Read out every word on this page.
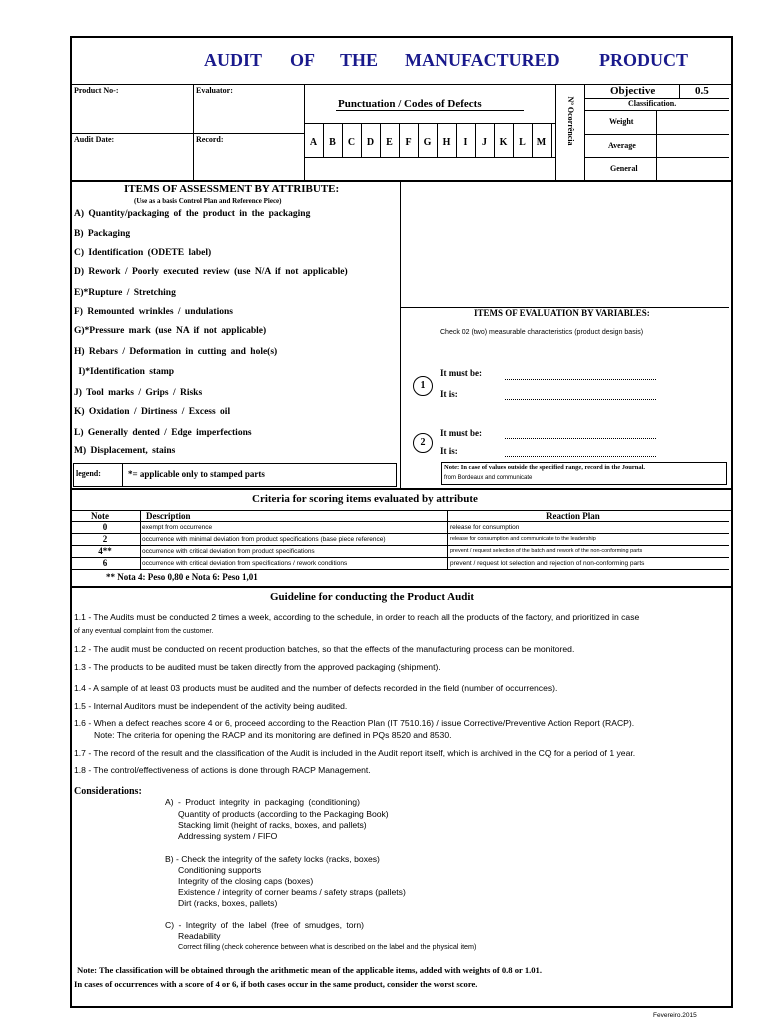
AUDIT OF THE MANUFACTURED PRODUCT
Product No-:	Evaluator:
Audit Date:	Record:
Punctuation / Codes of Defects
A	B	C	D	E	F	G	H	I	J	K	L	M	Nº Ocorrência
Objective	0.5
Classification.
Weight
Average
General
ITEMS OF ASSESSMENT BY ATTRIBUTE:
(Use as a basis Control Plan and Reference Piece)
A) Quantity/packaging of the product in the packaging
B) Packaging
C) Identification (ODETE label)
D) Rework / Poorly executed review (use N/A if not applicable)
E)*Rupture / Stretching
F) Remounted wrinkles / undulations
G)*Pressure mark (use NA if not applicable)
H) Rebars / Deformation in cutting and hole(s)
I)*Identification stamp
J) Tool marks / Grips / Risks
K) Oxidation / Dirtiness / Excess oil
L) Generally dented / Edge imperfections
M) Displacement, stains
legend:	*= applicable only to stamped parts
ITEMS OF EVALUATION BY VARIABLES:
Check 02 (two) measurable characteristics (product design basis)
1
It must be:
It is:
2
It must be:
It is:
Note: In case of values outside the specified range, record in the Journal.
from Bordeaux and communicate
Criteria for scoring items evaluated by attribute
Note	Description	Reaction Plan
0	exempt from occurrence	release for consumption
2	occurrence with minimal deviation from product specifications (base piece reference)	release for consumption and communicate to the leadership
4**	occurrence with critical deviation from product specifications	prevent / request selection of the batch and rework of the non-conforming parts
6	occurrence with critical deviation from specifications / rework conditions	prevent / request lot selection and rejection of non-conforming parts
** Nota 4: Peso 0,80 e Nota 6: Peso 1,01
Guideline for conducting the Product Audit
1.1 - The Audits must be conducted 2 times a week, according to the schedule, in order to reach all the products of the factory, and prioritized in case
of any eventual complaint from the customer.
1.2 - The audit must be conducted on recent production batches, so that the effects of the manufacturing process can be monitored.
1.3 - The products to be audited must be taken directly from the approved packaging (shipment).
1.4 - A sample of at least 03 products must be audited and the number of defects recorded in the field (number of occurrences).
1.5 - Internal Auditors must be independent of the activity being audited.
1.6 - When a defect reaches score 4 or 6, proceed according to the Reaction Plan (IT 7510.16) / issue Corrective/Preventive Action Report (RACP).
Note: The criteria for opening the RACP and its monitoring are defined in PQs 8520 and 8530.
1.7 - The record of the result and the classification of the Audit is included in the Audit report itself, which is archived in the CQ for a period of 1 year.
1.8 - The control/effectiveness of actions is done through RACP Management.
Considerations:
A) - Product integrity in packaging (conditioning)
Quantity of products (according to the Packaging Book)
Stacking limit (height of racks, boxes, and pallets)
Addressing system / FIFO
B) - Check the integrity of the safety locks (racks, boxes)
Conditioning supports
Integrity of the closing caps (boxes)
Existence / integrity of corner beams / safety straps (pallets)
Dirt (racks, boxes, pallets)
C) - Integrity of the label (free of smudges, torn)
Readability
Correct filling (check coherence between what is described on the label and the physical item)
Note: The classification will be obtained through the arithmetic mean of the applicable items, added with weights of 0.8 or 1.01.
In cases of occurrences with a score of 4 or 6, if both cases occur in the same product, consider the worst score.
Fevereiro.2015
